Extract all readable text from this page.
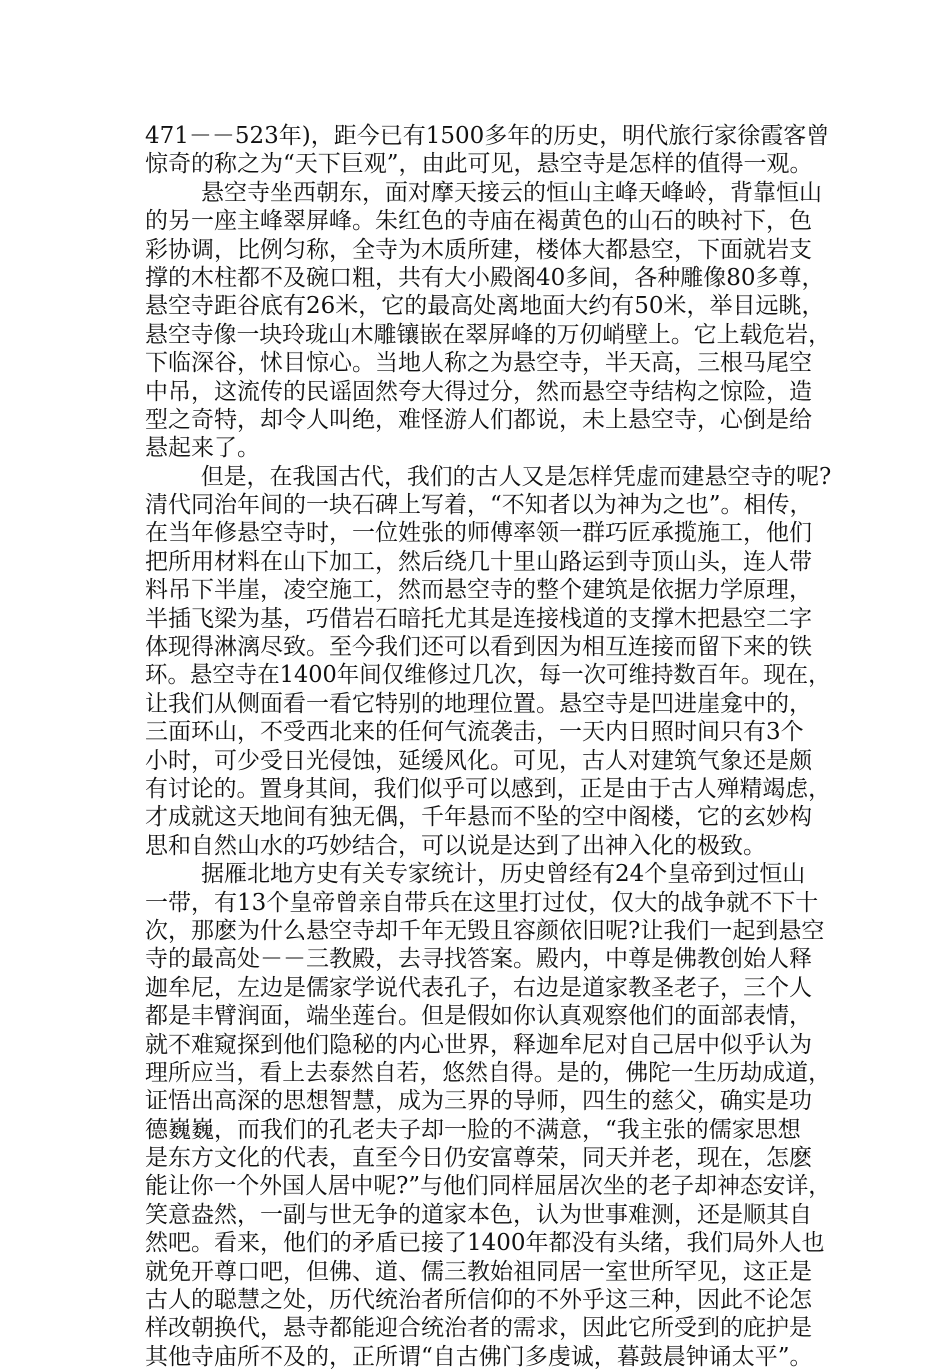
471－－523年)，距今已有1500多年的历史，明代旅行家徐霞客曾
惊奇的称之为“天下巨观”，由此可见，悬空寺是怎样的值得一观。
悬空寺坐西朝东，面对摩天接云的恒山主峰天峰岭，背靠恒山
的另一座主峰翠屏峰。朱红色的寺庙在褐黄色的山石的映衬下，色
彩协调，比例匀称，全寺为木质所建，楼体大都悬空，下面就岩支
撑的木柱都不及碗口粗，共有大小殿阁40多间，各种雕像80多尊，
悬空寺距谷底有26米，它的最高处离地面大约有50米，举目远眺，
悬空寺像一块玲珑山木雕镶嵌在翠屏峰的万仞峭壁上。它上载危岩，
下临深谷，怵目惊心。当地人称之为悬空寺，半天高，三根马尾空
中吊，这流传的民谣固然夸大得过分，然而悬空寺结构之惊险，造
型之奇特，却令人叫绝，难怪游人们都说，未上悬空寺，心倒是给
悬起来了。
但是，在我国古代，我们的古人又是怎样凭虚而建悬空寺的呢?
清代同治年间的一块石碑上写着，“不知者以为神为之也”。相传，
在当年修悬空寺时，一位姓张的师傅率领一群巧匠承揽施工，他们
把所用材料在山下加工，然后绕几十里山路运到寺顶山头，连人带
料吊下半崖，凌空施工，然而悬空寺的整个建筑是依据力学原理，
半插飞梁为基，巧借岩石暗托尤其是连接栈道的支撑木把悬空二字
体现得淋漓尽致。至今我们还可以看到因为相互连接而留下来的铁
环。悬空寺在1400年间仅维修过几次，每一次可维持数百年。现在，
让我们从侧面看一看它特别的地理位置。悬空寺是凹进崖龛中的，
三面环山，不受西北来的任何气流袭击，一天内日照时间只有3个
小时，可少受日光侵蚀，延缓风化。可见，古人对建筑气象还是颇
有讨论的。置身其间，我们似乎可以感到，正是由于古人殚精竭虑，
才成就这天地间有独无偶，千年悬而不坠的空中阁楼，它的玄妙构
思和自然山水的巧妙结合，可以说是达到了出神入化的极致。
据雁北地方史有关专家统计，历史曾经有24个皇帝到过恒山
一带，有13个皇帝曾亲自带兵在这里打过仗，仅大的战争就不下十
次，那麽为什么悬空寺却千年无毁且容颜依旧呢?让我们一起到悬空
寺的最高处－－三教殿，去寻找答案。殿内，中尊是佛教创始人释
迦牟尼，左边是儒家学说代表孔子，右边是道家教圣老子，三个人
都是丰臂润面，端坐莲台。但是假如你认真观察他们的面部表情，
就不难窥探到他们隐秘的内心世界，释迦牟尼对自己居中似乎认为
理所应当，看上去泰然自若，悠然自得。是的，佛陀一生历劫成道，
证悟出高深的思想智慧，成为三界的导师，四生的慈父，确实是功
德巍巍，而我们的孔老夫子却一脸的不满意，“我主张的儒家思想
是东方文化的代表，直至今日仍安富尊荣，同天并老，现在，怎麽
能让你一个外国人居中呢?”与他们同样屈居次坐的老子却神态安详，
笑意盎然，一副与世无争的道家本色，认为世事难测，还是顺其自
然吧。看来，他们的矛盾已接了1400年都没有头绪，我们局外人也
就免开尊口吧，但佛、道、儒三教始祖同居一室世所罕见，这正是
古人的聪慧之处，历代统治者所信仰的不外乎这三种，因此不论怎
样改朝换代，悬寺都能迎合统治者的需求，因此它所受到的庇护是
其他寺庙所不及的，正所谓“自古佛门多虔诚，暮鼓晨钟诵太平”。
